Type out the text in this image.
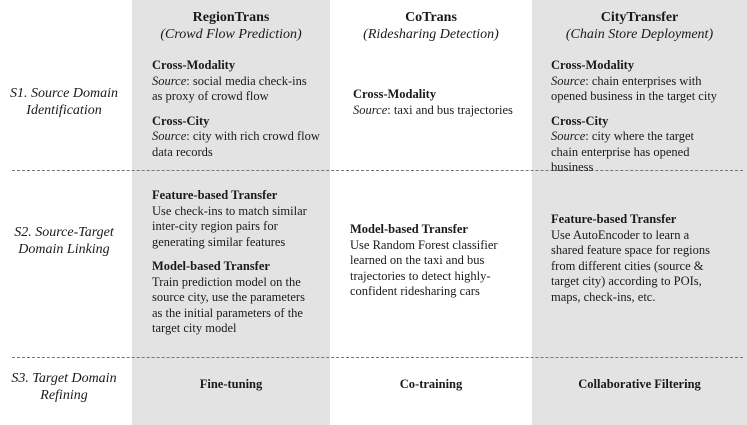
RegionTrans
(Crowd Flow Prediction)
CoTrans
(Ridesharing Detection)
CityTransfer
(Chain Store Deployment)
S1. Source Domain
Identification
S2. Source-Target
Domain Linking
S3. Target Domain
Refining
Cross-Modality

Source: social media check-ins as proxy of crowd flow

Cross-City

Source: city with rich crowd flow data records

Cross-Modality

Source: taxi and bus trajectories

Cross-Modality

Source: chain enterprises with opened business in the target city

Cross-City

Source: city where the target chain enterprise has opened business

Feature-based Transfer

Use check-ins to match similar inter-city region pairs for generating similar features

Model-based Transfer

Train prediction model on the source city, use the parameters as the initial parameters of the target city model

Model-based Transfer

Use Random Forest classifier learned on the taxi and bus trajectories to detect highly-confident ridesharing cars

Feature-based Transfer

Use AutoEncoder to learn a shared feature space for regions from different cities (source & target city) according to POIs, maps, check-ins, etc.

Fine-tuning	Co-training	Collaborative Filtering
